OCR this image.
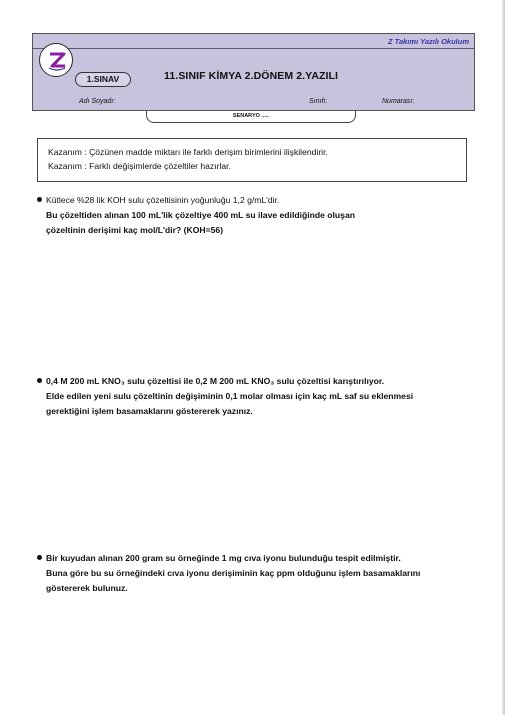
Z Takımı Yazılı Okulum
Z
1.SINAV	11.SINIF KİMYA 2.DÖNEM 2.YAZILI
Adı Soyadı:	Sınıfı:	Numarası:
SENARYO .....
Kazanım : Çözünen madde miktarı ile farklı derişim birimlerini ilişkilendirir.
Kazanım : Farklı değişimlerde çözeltiler hazırlar.
Kütlece %28 lik KOH sulu çözeltisinin yoğunluğu 1,2 g/mL'dir.
Bu çözeltiden alınan 100 mL'lik çözeltiye 400 mL su ilave edildiğinde oluşan
çözeltinin derişimi kaç mol/L'dir? (KOH=56)
0,4 M 200 mL KNO₃ sulu çözeltisi ile 0,2 M 200 mL KNO₃ sulu çözeltisi karıştırılıyor.
Elde edilen yeni sulu çözeltinin değişiminin 0,1 molar olması için kaç mL saf su eklenmesi
gerektiğini işlem basamaklarını göstererek yazınız.
Bir kuyudan alınan 200 gram su örneğinde 1 mg cıva iyonu bulunduğu tespit edilmiştir.
Buna göre bu su örneğindeki cıva iyonu derişiminin kaç ppm olduğunu işlem basamaklarını
göstererek bulunuz.
